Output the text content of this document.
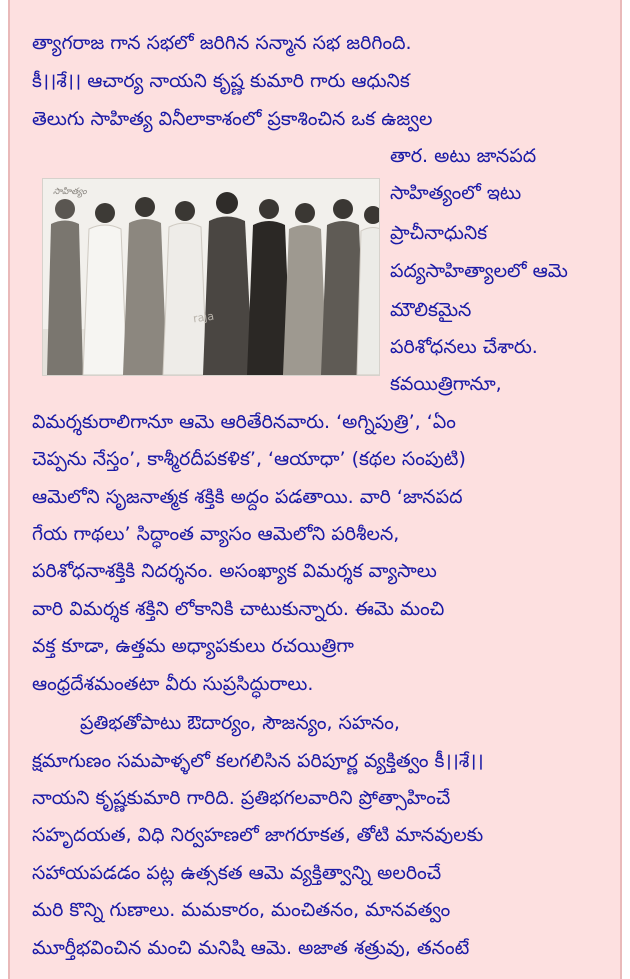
త్యాగరాజ గాన సభలో జరిగిన సన్మాన సభ జరిగింది.
కీ।।శే।। ఆచార్య నాయని కృష్ణ కుమారి గారు ఆధునిక
తెలుగు సాహిత్య వినీలాకాశంలో ప్రకాశించిన ఒక ఉజ్వల
తార. అటు జానపద
సాహిత్యంలో ఇటు
ప్రాచీనాధునిక
పద్యసాహిత్యాలలో ఆమె
మౌలికమైన
పరిశోధనలు చేశారు.
కవయిత్రిగానూ,
సాహిత్యం
raja
విమర్శకురాలిగానూ ఆమె ఆరితేరినవారు. ‘అగ్నిపుత్రి’, ‘ఏం
చెప్పను నేస్తం’, కాశ్మీరదీపకళిక’, ‘ఆయాధా’ (కథల సంపుటి)
ఆమెలోని సృజనాత్మక శక్తికి అద్దం పడతాయి. వారి ‘జానపద
గేయ గాథలు’ సిద్ధాంత వ్యాసం ఆమెలోని పరిశీలన,
పరిశోధనాశక్తికి నిదర్శనం. అసంఖ్యాక విమర్శక వ్యాసాలు
వారి విమర్శక శక్తిని లోకానికి చాటుకున్నారు. ఈమె మంచి
వక్త కూడా, ఉత్తమ అధ్యాపకులు రచయిత్రిగా
ఆంధ్రదేశమంతటా వీరు సుప్రసిద్ధురాలు.
ప్రతిభతోపాటు ఔదార్యం, సౌజన్యం, సహనం,
క్షమాగుణం సమపాళ్ళలో కలగలిసిన పరిపూర్ణ వ్యక్తిత్వం కీ।।శే।।
నాయని కృష్ణకుమారి గారిది. ప్రతిభగలవారిని ప్రోత్సాహించే
సహృదయత, విధి నిర్వహణలో జాగరూకత, తోటి మానవులకు
సహాయపడడం పట్ల ఉత్సకత ఆమె వ్యక్తిత్వాన్ని అలరించే
మరి కొన్ని గుణాలు. మమకారం, మంచితనం, మానవత్వం
మూర్తీభవించిన మంచి మనిషి ఆమె. అజాత శత్రువు, తనంటే
